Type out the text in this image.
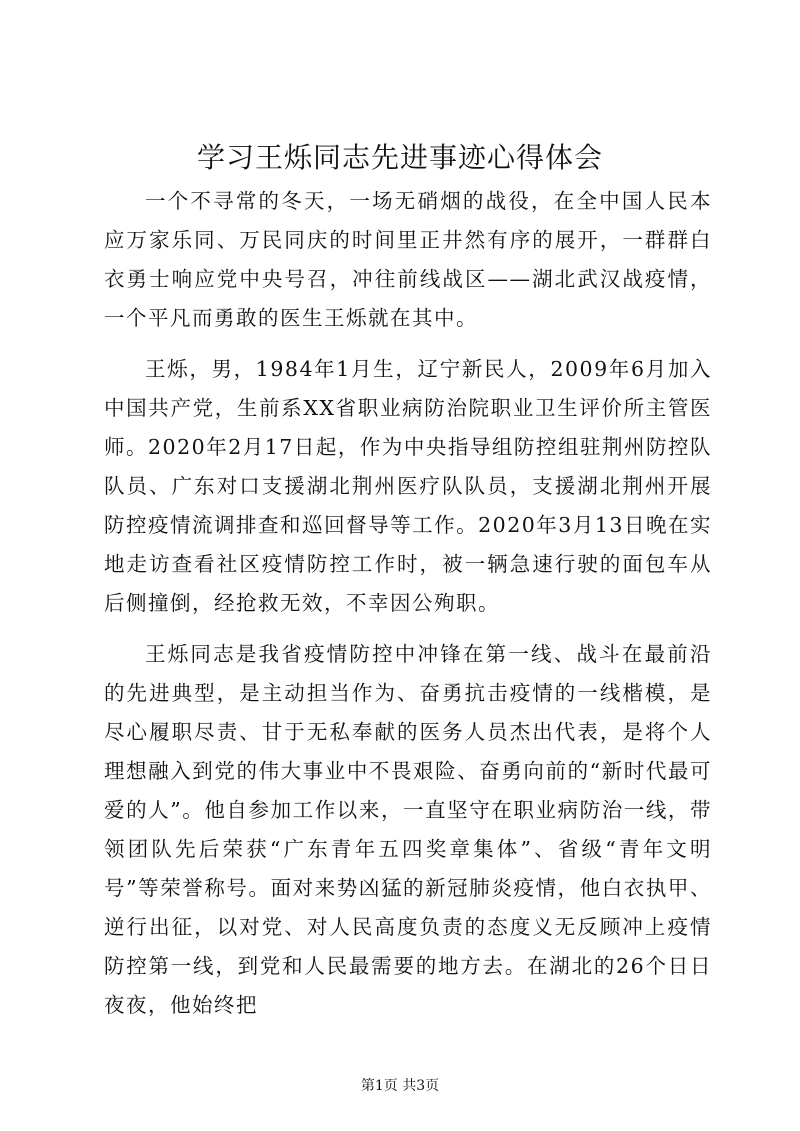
学习王烁同志先进事迹心得体会

一个不寻常的冬天，一场无硝烟的战役，在全中国人民本应万家乐同、万民同庆的时间里正井然有序的展开，一群群白衣勇士响应党中央号召，冲往前线战区——湖北武汉战疫情，一个平凡而勇敢的医生王烁就在其中。

王烁，男，1984年1月生，辽宁新民人，2009年6月加入中国共产党，生前系XX省职业病防治院职业卫生评价所主管医师。2020年2月17日起，作为中央指导组防控组驻荆州防控队队员、广东对口支援湖北荆州医疗队队员，支援湖北荆州开展防控疫情流调排查和巡回督导等工作。2020年3月13日晚在实地走访查看社区疫情防控工作时，被一辆急速行驶的面包车从后侧撞倒，经抢救无效，不幸因公殉职。

王烁同志是我省疫情防控中冲锋在第一线、战斗在最前沿的先进典型，是主动担当作为、奋勇抗击疫情的一线楷模，是尽心履职尽责、甘于无私奉献的医务人员杰出代表，是将个人理想融入到党的伟大事业中不畏艰险、奋勇向前的“新时代最可爱的人”。他自参加工作以来，一直坚守在职业病防治一线，带领团队先后荣获“广东青年五四奖章集体”、省级“青年文明号”等荣誉称号。面对来势凶猛的新冠肺炎疫情，他白衣执甲、逆行出征，以对党、对人民高度负责的态度义无反顾冲上疫情防控第一线，到党和人民最需要的地方去。在湖北的26个日日夜夜，他始终把

第1页 共3页
